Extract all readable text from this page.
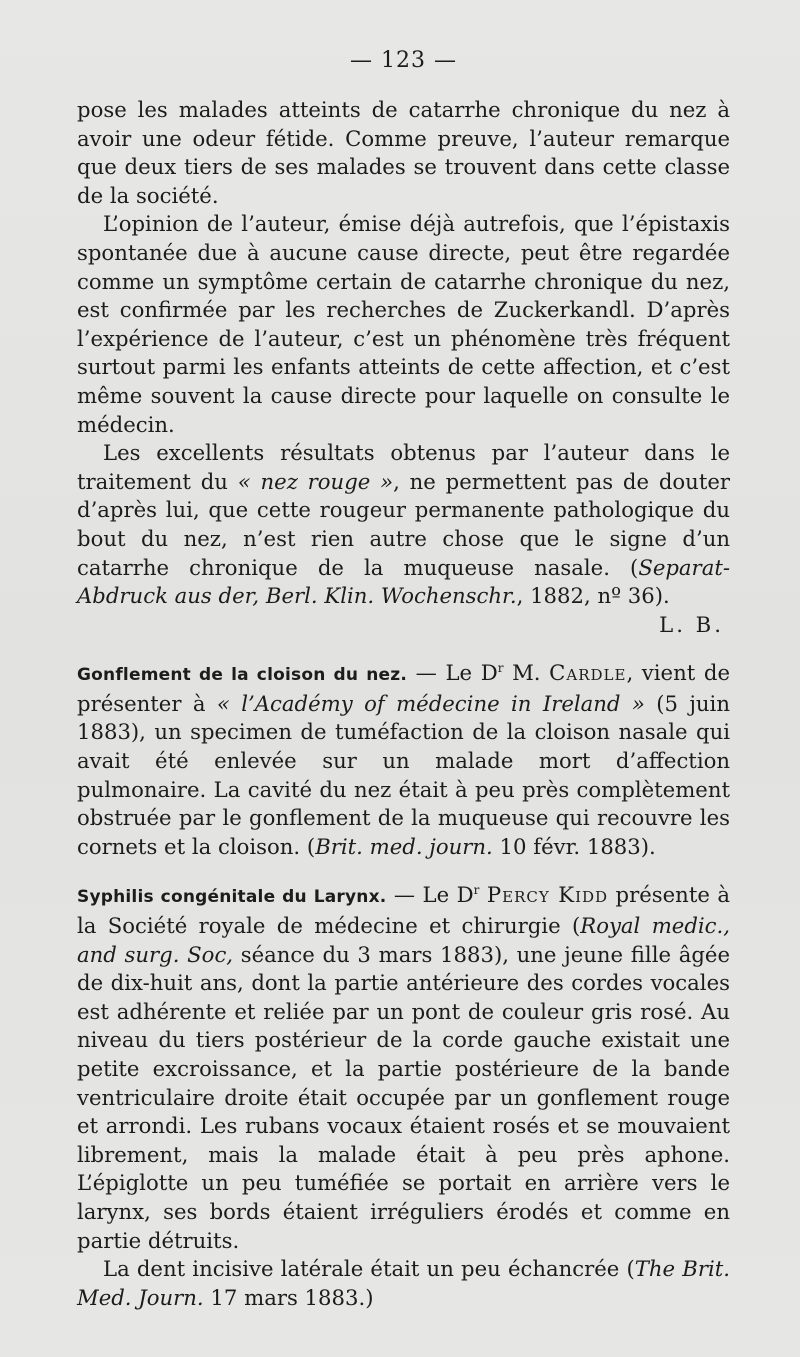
— 123 —

pose les malades atteints de catarrhe chronique du nez à avoir une odeur fétide. Comme preuve, l’auteur remarque que deux tiers de ses malades se trouvent dans cette classe de la société.

L’opinion de l’auteur, émise déjà autrefois, que l’épistaxis spontanée due à aucune cause directe, peut être regardée comme un symptôme certain de catarrhe chronique du nez, est confirmée par les recherches de Zuckerkandl. D’après l’expérience de l’auteur, c’est un phénomène très fréquent surtout parmi les enfants atteints de cette affection, et c’est même souvent la cause directe pour laquelle on consulte le médecin.

Les excellents résultats obtenus par l’auteur dans le traitement du « nez rouge », ne permettent pas de douter d’après lui, que cette rougeur permanente pathologique du bout du nez, n’est rien autre chose que le signe d’un catarrhe chronique de la muqueuse nasale. (Separat-Abdruck aus der, Berl. Klin. Wochenschr., 1882, nº 36).

L. B.

Gonflement de la cloison du nez. — Le $D^r$ M. Cardle, vient de présenter à « l’Académy of médecine in Ireland » (5 juin 1883), un specimen de tuméfaction de la cloison nasale qui avait été enlevée sur un malade mort d’affection pulmonaire. La cavité du nez était à peu près complètement obstruée par le gonflement de la muqueuse qui recouvre les cornets et la cloison. (Brit. med. journ. 10 févr. 1883).

Syphilis congénitale du Larynx. — Le $D^r$ Percy Kidd présente à la Société royale de médecine et chirurgie (Royal medic., and surg. Soc, séance du 3 mars 1883), une jeune fille âgée de dix-huit ans, dont la partie antérieure des cordes vocales est adhérente et reliée par un pont de couleur gris rosé. Au niveau du tiers postérieur de la corde gauche existait une petite excroissance, et la partie postérieure de la bande ventriculaire droite était occupée par un gonflement rouge et arrondi. Les rubans vocaux étaient rosés et se mouvaient librement, mais la malade était à peu près aphone. L’épiglotte un peu tuméfiée se portait en arrière vers le larynx, ses bords étaient irréguliers érodés et comme en partie détruits.

La dent incisive latérale était un peu échancrée (The Brit. Med. Journ. 17 mars 1883.)
